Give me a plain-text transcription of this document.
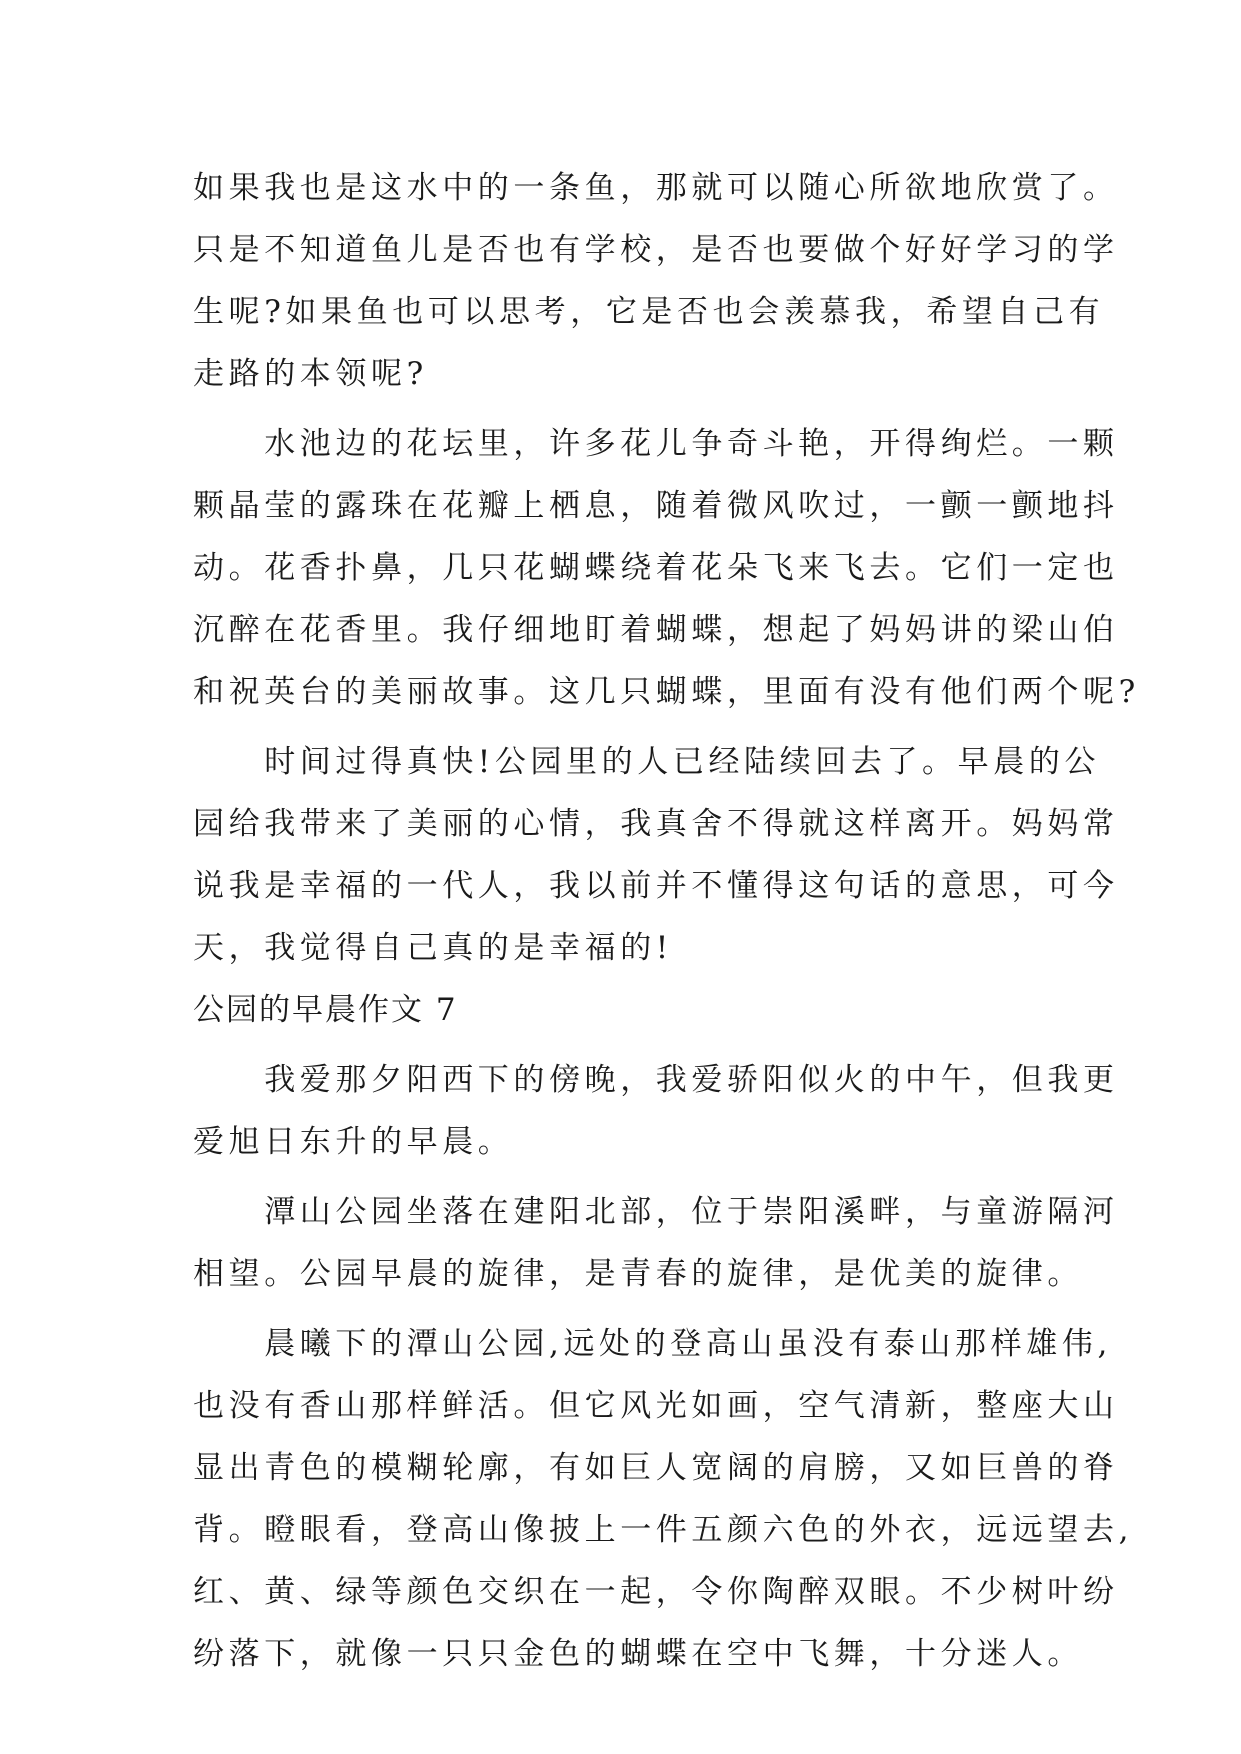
如果我也是这水中的一条鱼，那就可以随心所欲地欣赏了。
只是不知道鱼儿是否也有学校，是否也要做个好好学习的学
生呢?如果鱼也可以思考，它是否也会羡慕我，希望自己有
走路的本领呢?
　　水池边的花坛里，许多花儿争奇斗艳，开得绚烂。一颗
颗晶莹的露珠在花瓣上栖息，随着微风吹过，一颤一颤地抖
动。花香扑鼻，几只花蝴蝶绕着花朵飞来飞去。它们一定也
沉醉在花香里。我仔细地盯着蝴蝶，想起了妈妈讲的梁山伯
和祝英台的美丽故事。这几只蝴蝶，里面有没有他们两个呢?
　　时间过得真快!公园里的人已经陆续回去了。早晨的公
园给我带来了美丽的心情，我真舍不得就这样离开。妈妈常
说我是幸福的一代人，我以前并不懂得这句话的意思，可今
天，我觉得自己真的是幸福的!
公园的早晨作文 7
　　我爱那夕阳西下的傍晚，我爱骄阳似火的中午，但我更
爱旭日东升的早晨。
　　潭山公园坐落在建阳北部，位于崇阳溪畔，与童游隔河
相望。公园早晨的旋律，是青春的旋律，是优美的旋律。
　　晨曦下的潭山公园,远处的登高山虽没有泰山那样雄伟,
也没有香山那样鲜活。但它风光如画，空气清新，整座大山
显出青色的模糊轮廓，有如巨人宽阔的肩膀，又如巨兽的脊
背。瞪眼看，登高山像披上一件五颜六色的外衣，远远望去,
红、黄、绿等颜色交织在一起，令你陶醉双眼。不少树叶纷
纷落下，就像一只只金色的蝴蝶在空中飞舞，十分迷人。
